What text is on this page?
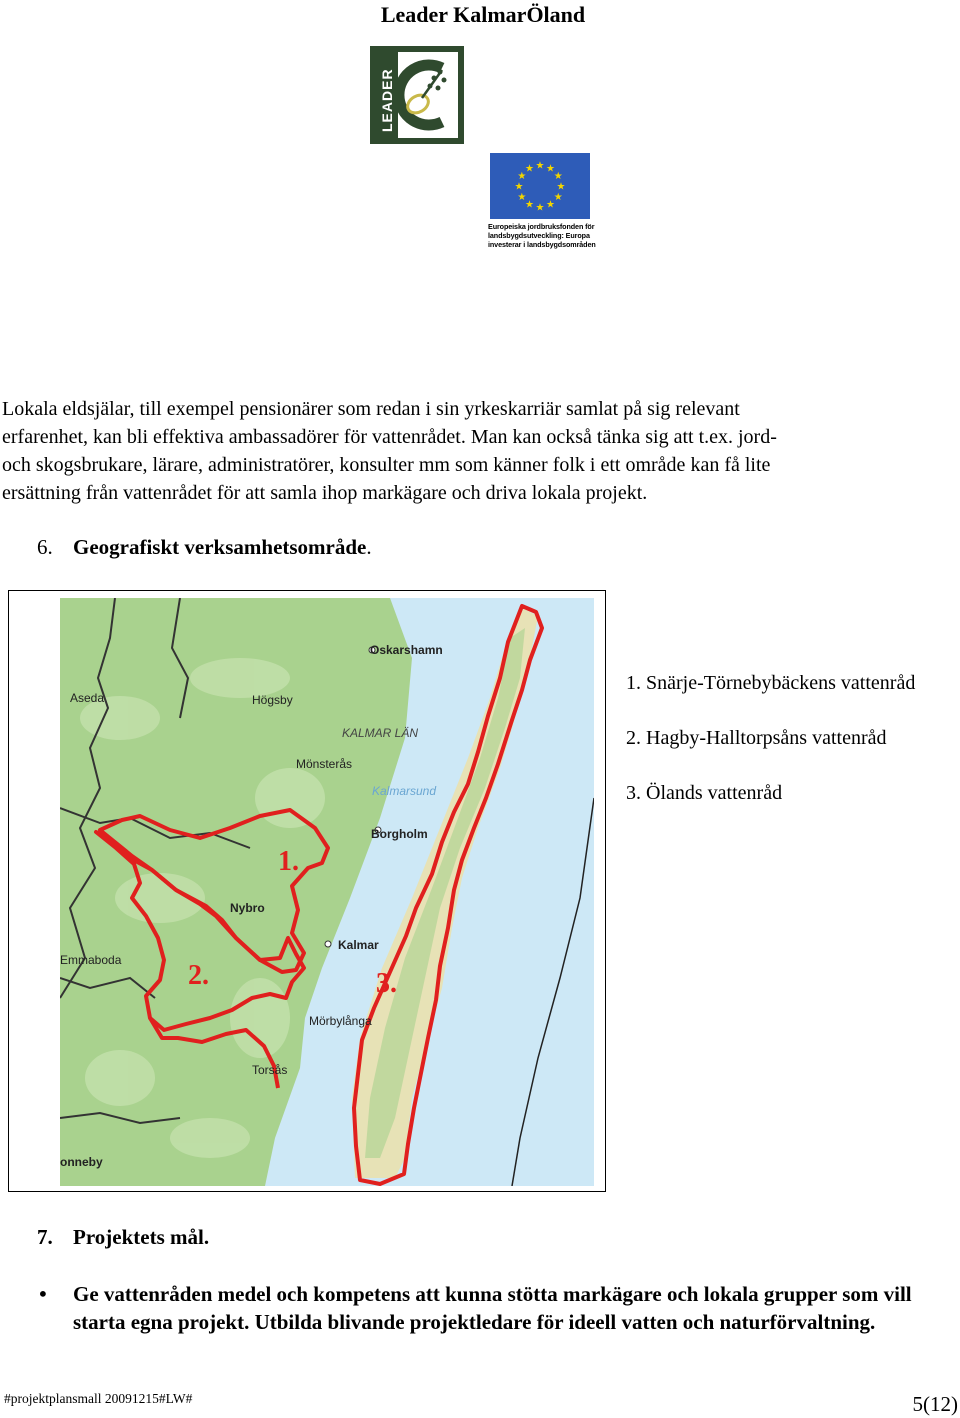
Leader KalmarÖland
LEADER
★ ★
★
★
★
★
★
★
★
★
★
★
Europeiska jordbruksfonden för
landsbygdsutveckling: Europa
investerar i landsbygdsområden
Lokala eldsjälar, till exempel pensionärer som redan i sin yrkeskarriär samlat på sig relevant
erfarenhet, kan bli effektiva ambassadörer för vattenrådet. Man kan också tänka sig att t.ex. jord-
och skogsbrukare, lärare, administratörer, konsulter mm som känner folk i ett område kan få lite
ersättning från vattenrådet för att samla ihop markägare och driva lokala projekt.
6. Geografiskt verksamhetsområde.
Oskarshamn
Aseda	Högsby
KALMAR LÄN
Mönsterås
Kalmarsund
Borgholm
Nybro
Kalmar
Emmaboda
Mörbylånga
Torsås
onneby
1.
2.	3.
1. Snärje-Törnebybäckens vattenråd
2. Hagby-Halltorpsåns vattenråd
3. Ölands vattenråd
7. Projektets mål.
• Ge vattenråden medel och kompetens att kunna stötta markägare och lokala grupper som vill starta egna projekt. Utbilda blivande projektledare för ideell vatten och naturförvaltning.
#projektplansmall 20091215#LW#	5(12)
